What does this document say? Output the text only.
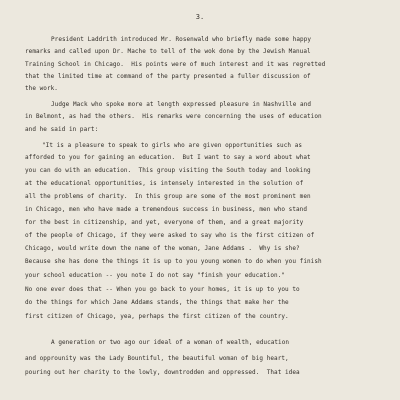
3.
President Laddrith introduced Mr. Rosenwald who briefly made some happy
remarks and called upon Dr. Mache to tell of the wok done by the Jewish Manual
Training School in Chicago.  His points were of much interest and it was regretted
that the limited time at command of the party presented a fuller discussion of
the work.
Judge Mack who spoke more at length expressed pleasure in Nashville and
in Belmont, as had the others.  His remarks were concerning the uses of education
and he said in part:
"It is a pleasure to speak to girls who are given opportunities such as
afforded to you for gaining an education.  But I want to say a word about what
you can do with an education.  This group visiting the South today and looking
at the educational opportunities, is intensely interested in the solution of
all the problems of charity.  In this group are some of the most prominent men
in Chicago, men who have made a tremendous success in business, men who stand
for the best in citizenship, and yet, everyone of them, and a great majority
of the people of Chicago, if they were asked to say who is the first citizen of
Chicago, would write down the name of the woman, Jane Addams .  Why is she?
Because she has done the things it is up to you young women to do when you finish
your school education -- you note I do not say "finish your education."
No one ever does that -- When you go back to your homes, it is up to you to
do the things for which Jane Addams stands, the things that make her the
first citizen of Chicago, yea, perhaps the first citizen of the country.
A generation or two ago our ideal of a woman of wealth, education
and opprounity was the Lady Bountiful, the beautiful woman of big heart,
pouring out her charity to the lowly, downtrodden and oppressed.  That idea
